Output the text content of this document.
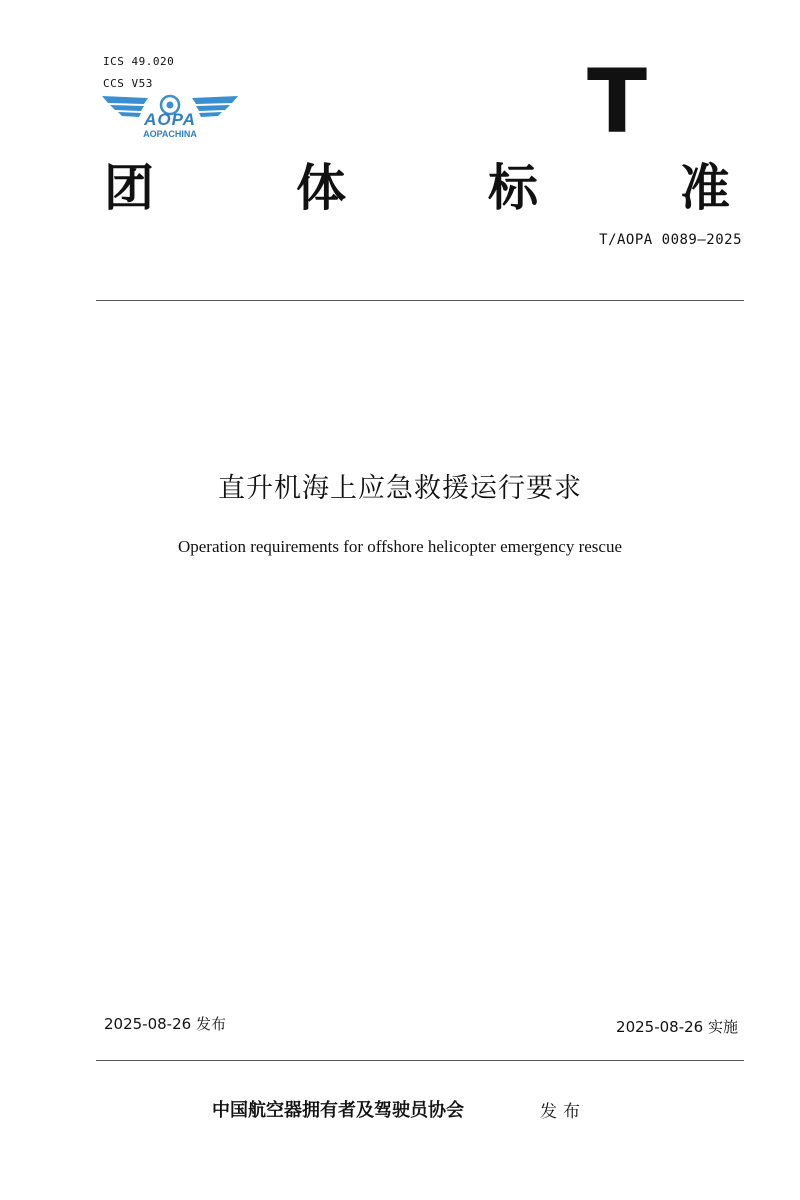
ICS 49.020
CCS V53
AOPA
AOPACHINA	T
团	体	标	准
T/AOPA 0089—2025
直升机海上应急救援运行要求
Operation requirements for offshore helicopter emergency rescue
2025-08-26 发布	2025-08-26 实施
中国航空器拥有者及驾驶员协会	发布
